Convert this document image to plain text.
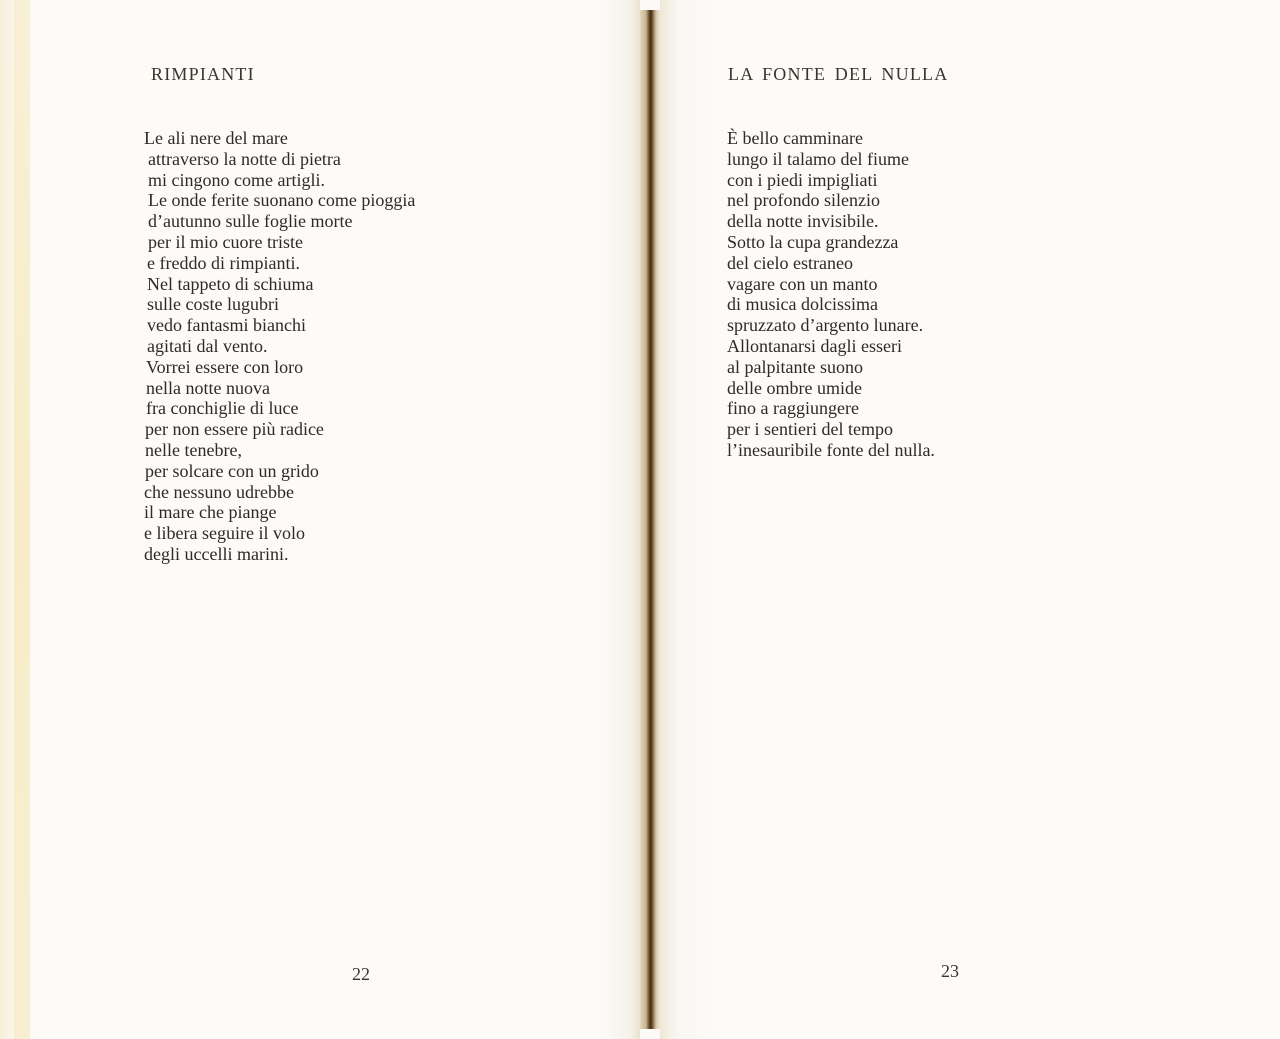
RIMPIANTI
Le ali nere del mare
attraverso la notte di pietra
mi cingono come artigli.
Le onde ferite suonano come pioggia
d’autunno sulle foglie morte
per il mio cuore triste
e freddo di rimpianti.
Nel tappeto di schiuma
sulle coste lugubri
vedo fantasmi bianchi
agitati dal vento.
Vorrei essere con loro
nella notte nuova
fra conchiglie di luce
per non essere più radice
nelle tenebre,
per solcare con un grido
che nessuno udrebbe
il mare che piange
e libera seguire il volo
degli uccelli marini.
22
LA FONTE DEL NULLA
È bello camminare
lungo il talamo del fiume
con i piedi impigliati
nel profondo silenzio
della notte invisibile.
Sotto la cupa grandezza
del cielo estraneo
vagare con un manto
di musica dolcissima
spruzzato d’argento lunare.
Allontanarsi dagli esseri
al palpitante suono
delle ombre umide
fino a raggiungere
per i sentieri del tempo
l’inesauribile fonte del nulla.
23
